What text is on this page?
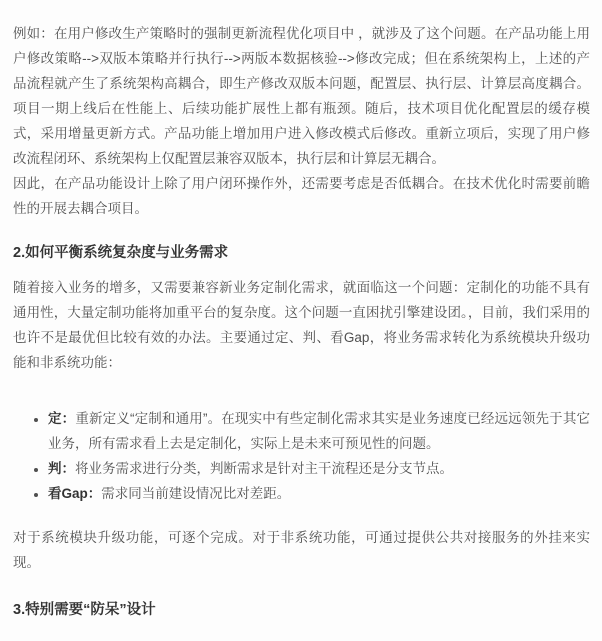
例如：在用户修改生产策略时的强制更新流程优化项目中 ，就涉及了这个问题。在产品功能上用户修改策略-->双版本策略并行执行-->两版本数据核验-->修改完成；但在系统架构上，上述的产品流程就产生了系统架构高耦合，即生产修改双版本问题，配置层、执行层、计算层高度耦合。项目一期上线后在性能上、后续功能扩展性上都有瓶颈。随后，技术项目优化配置层的缓存模式，采用增量更新方式。产品功能上增加用户进入修改模式后修改。重新立项后，实现了用户修改流程闭环、系统架构上仅配置层兼容双版本，执行层和计算层无耦合。

因此，在产品功能设计上除了用户闭环操作外，还需要考虑是否低耦合。在技术优化时需要前瞻性的开展去耦合项目。

2.如何平衡系统复杂度与业务需求

随着接入业务的增多，又需要兼容新业务定制化需求，就面临这一个问题：定制化的功能不具有通用性，大量定制功能将加重平台的复杂度。这个问题一直困扰引擎建设团。，目前，我们采用的也许不是最优但比较有效的办法。主要通过定、判、看Gap，将业务需求转化为系统模块升级功能和非系统功能：

• 定：重新定义“定制和通用”。在现实中有些定制化需求其实是业务速度已经远远领先于其它业务，所有需求看上去是定制化，实际上是未来可预见性的问题。
• 判：将业务需求进行分类，判断需求是针对主干流程还是分支节点。
• 看Gap：需求同当前建设情况比对差距。

对于系统模块升级功能，可逐个完成。对于非系统功能，可通过提供公共对接服务的外挂来实现。

3.特别需要“防呆”设计
